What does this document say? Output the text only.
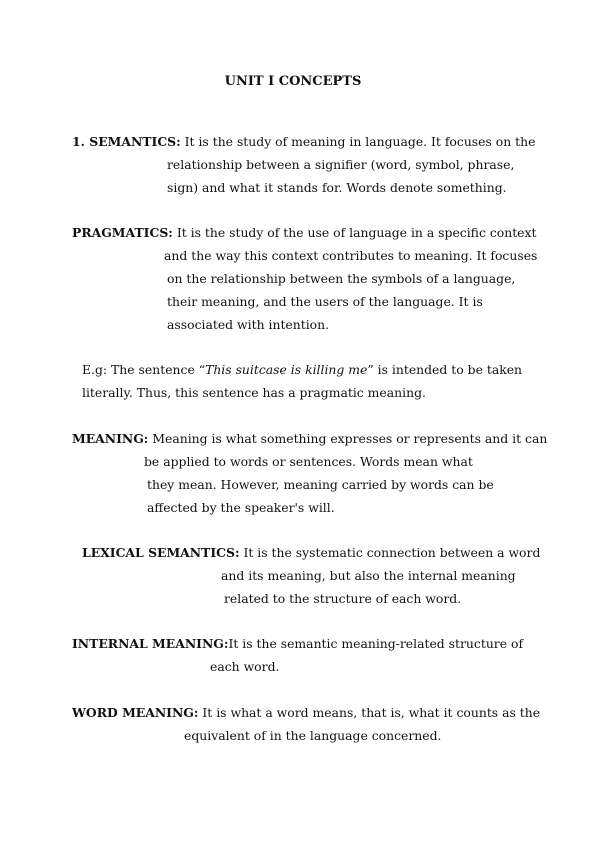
UNIT I CONCEPTS
1. SEMANTICS: It is the study of meaning in language. It focuses on the
relationship between a signifier (word, symbol, phrase,
sign) and what it stands for. Words denote something.
PRAGMATICS: It is the study of the use of language in a specific context
and the way this context contributes to meaning. It focuses
on the relationship between the symbols of a language,
their meaning, and the users of the language. It is
associated with intention.
E.g: The sentence “This suitcase is killing me” is intended to be taken
literally. Thus, this sentence has a pragmatic meaning.
MEANING: Meaning is what something expresses or represents and it can
be applied to words or sentences. Words mean what
they mean. However, meaning carried by words can be
affected by the speaker's will.
LEXICAL SEMANTICS: It is the systematic connection between a word
and its meaning, but also the internal meaning
related to the structure of each word.
INTERNAL MEANING:It is the semantic meaning-related structure of
each word.
WORD MEANING: It is what a word means, that is, what it counts as the
equivalent of in the language concerned.
